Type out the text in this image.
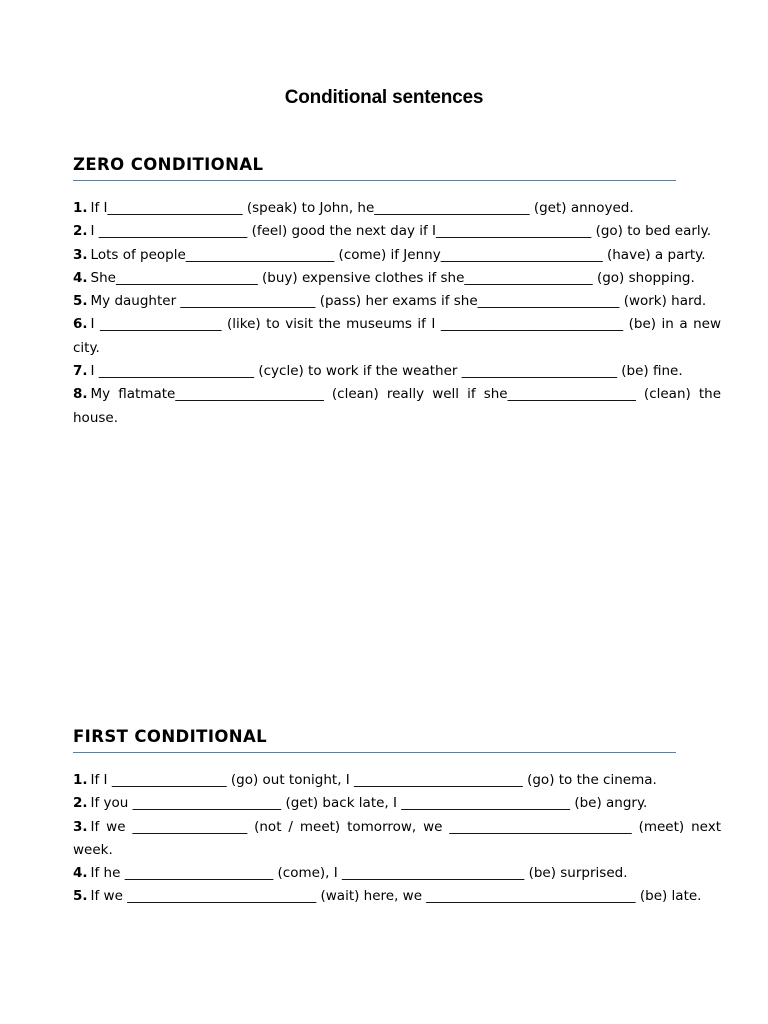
Conditional sentences
ZERO CONDITIONAL

1. If I____________________ (speak) to John, he_______________________ (get) annoyed.

2. I ______________________ (feel) good the next day if I_______________________ (go) to bed early.

3. Lots of people______________________ (come) if Jenny________________________ (have) a party.

4. She_____________________ (buy) expensive clothes if she___________________ (go) shopping.

5. My daughter ____________________ (pass) her exams if she_____________________ (work) hard.

6. I __________________ (like) to visit the museums if I ___________________________ (be) in a new city.

7. I _______________________ (cycle) to work if the weather _______________________ (be) fine.

8. My flatmate______________________ (clean) really well if she___________________ (clean) the house.

FIRST CONDITIONAL

1. If I _________________ (go) out tonight, I _________________________ (go) to the cinema.

2. If you ______________________ (get) back late, I _________________________ (be) angry.

3. If we _________________ (not / meet) tomorrow, we ___________________________ (meet) next week.

4. If he ______________________ (come), I ___________________________ (be) surprised.

5. If we ____________________________ (wait) here, we _______________________________ (be) late.
